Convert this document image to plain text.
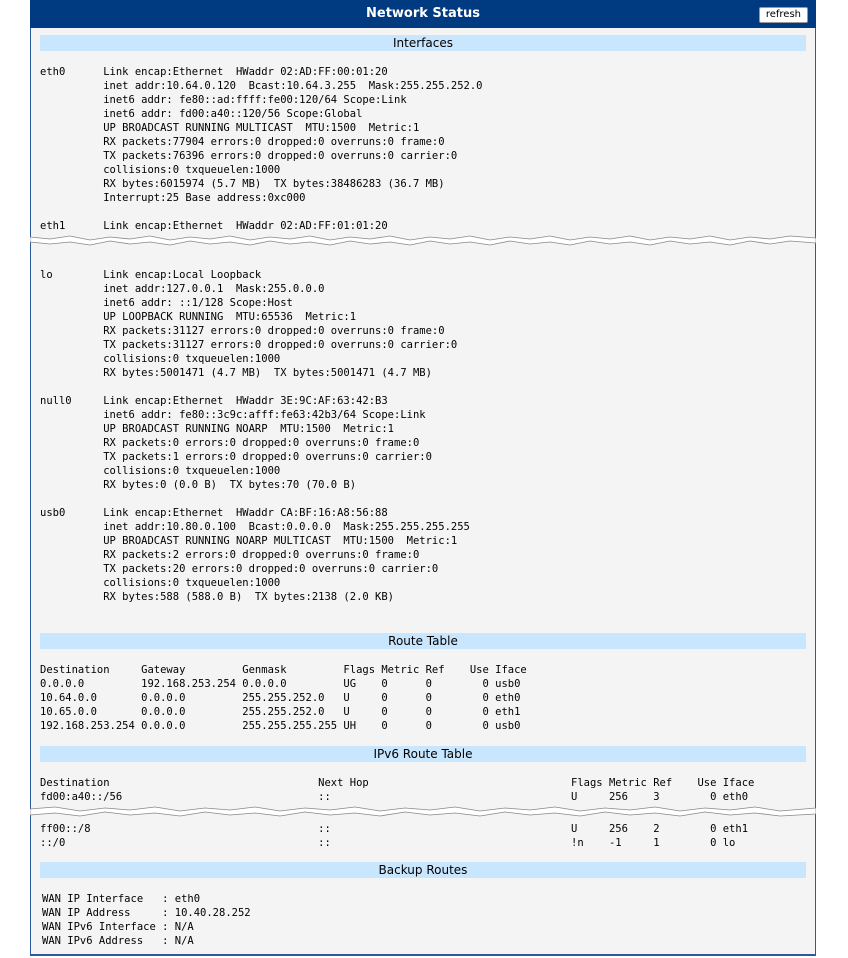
Network Status	refresh
Interfaces
eth0      Link encap:Ethernet  HWaddr 02:AD:FF:00:01:20
inet addr:10.64.0.120  Bcast:10.64.3.255  Mask:255.255.252.0
inet6 addr: fe80::ad:ffff:fe00:120/64 Scope:Link
inet6 addr: fd00:a40::120/56 Scope:Global
UP BROADCAST RUNNING MULTICAST  MTU:1500  Metric:1
RX packets:77904 errors:0 dropped:0 overruns:0 frame:0
TX packets:76396 errors:0 dropped:0 overruns:0 carrier:0
collisions:0 txqueuelen:1000
RX bytes:6015974 (5.7 MB)  TX bytes:38486283 (36.7 MB)
Interrupt:25 Base address:0xc000
eth1      Link encap:Ethernet  HWaddr 02:AD:FF:01:01:20
lo        Link encap:Local Loopback
inet addr:127.0.0.1  Mask:255.0.0.0
inet6 addr: ::1/128 Scope:Host
UP LOOPBACK RUNNING  MTU:65536  Metric:1
RX packets:31127 errors:0 dropped:0 overruns:0 frame:0
TX packets:31127 errors:0 dropped:0 overruns:0 carrier:0
collisions:0 txqueuelen:1000
RX bytes:5001471 (4.7 MB)  TX bytes:5001471 (4.7 MB)
null0     Link encap:Ethernet  HWaddr 3E:9C:AF:63:42:B3
inet6 addr: fe80::3c9c:afff:fe63:42b3/64 Scope:Link
UP BROADCAST RUNNING NOARP  MTU:1500  Metric:1
RX packets:0 errors:0 dropped:0 overruns:0 frame:0
TX packets:1 errors:0 dropped:0 overruns:0 carrier:0
collisions:0 txqueuelen:1000
RX bytes:0 (0.0 B)  TX bytes:70 (70.0 B)
usb0      Link encap:Ethernet  HWaddr CA:BF:16:A8:56:88
inet addr:10.80.0.100  Bcast:0.0.0.0  Mask:255.255.255.255
UP BROADCAST RUNNING NOARP MULTICAST  MTU:1500  Metric:1
RX packets:2 errors:0 dropped:0 overruns:0 frame:0
TX packets:20 errors:0 dropped:0 overruns:0 carrier:0
collisions:0 txqueuelen:1000
RX bytes:588 (588.0 B)  TX bytes:2138 (2.0 KB)
Route Table
Destination     Gateway         Genmask         Flags Metric Ref    Use Iface
0.0.0.0         192.168.253.254 0.0.0.0         UG    0      0        0 usb0
10.64.0.0       0.0.0.0         255.255.252.0   U     0      0        0 eth0
10.65.0.0       0.0.0.0         255.255.252.0   U     0      0        0 eth1
192.168.253.254 0.0.0.0         255.255.255.255 UH    0      0        0 usb0
IPv6 Route Table
Destination                                 Next Hop                                Flags Metric Ref    Use Iface
fd00:a40::/56                               ::                                      U     256    3        0 eth0
ff00::/8                                    ::                                      U     256    2        0 eth1
::/0                                        ::                                      !n    -1     1        0 lo
Backup Routes
WAN IP Interface   : eth0
WAN IP Address     : 10.40.28.252
WAN IPv6 Interface : N/A
WAN IPv6 Address   : N/A
